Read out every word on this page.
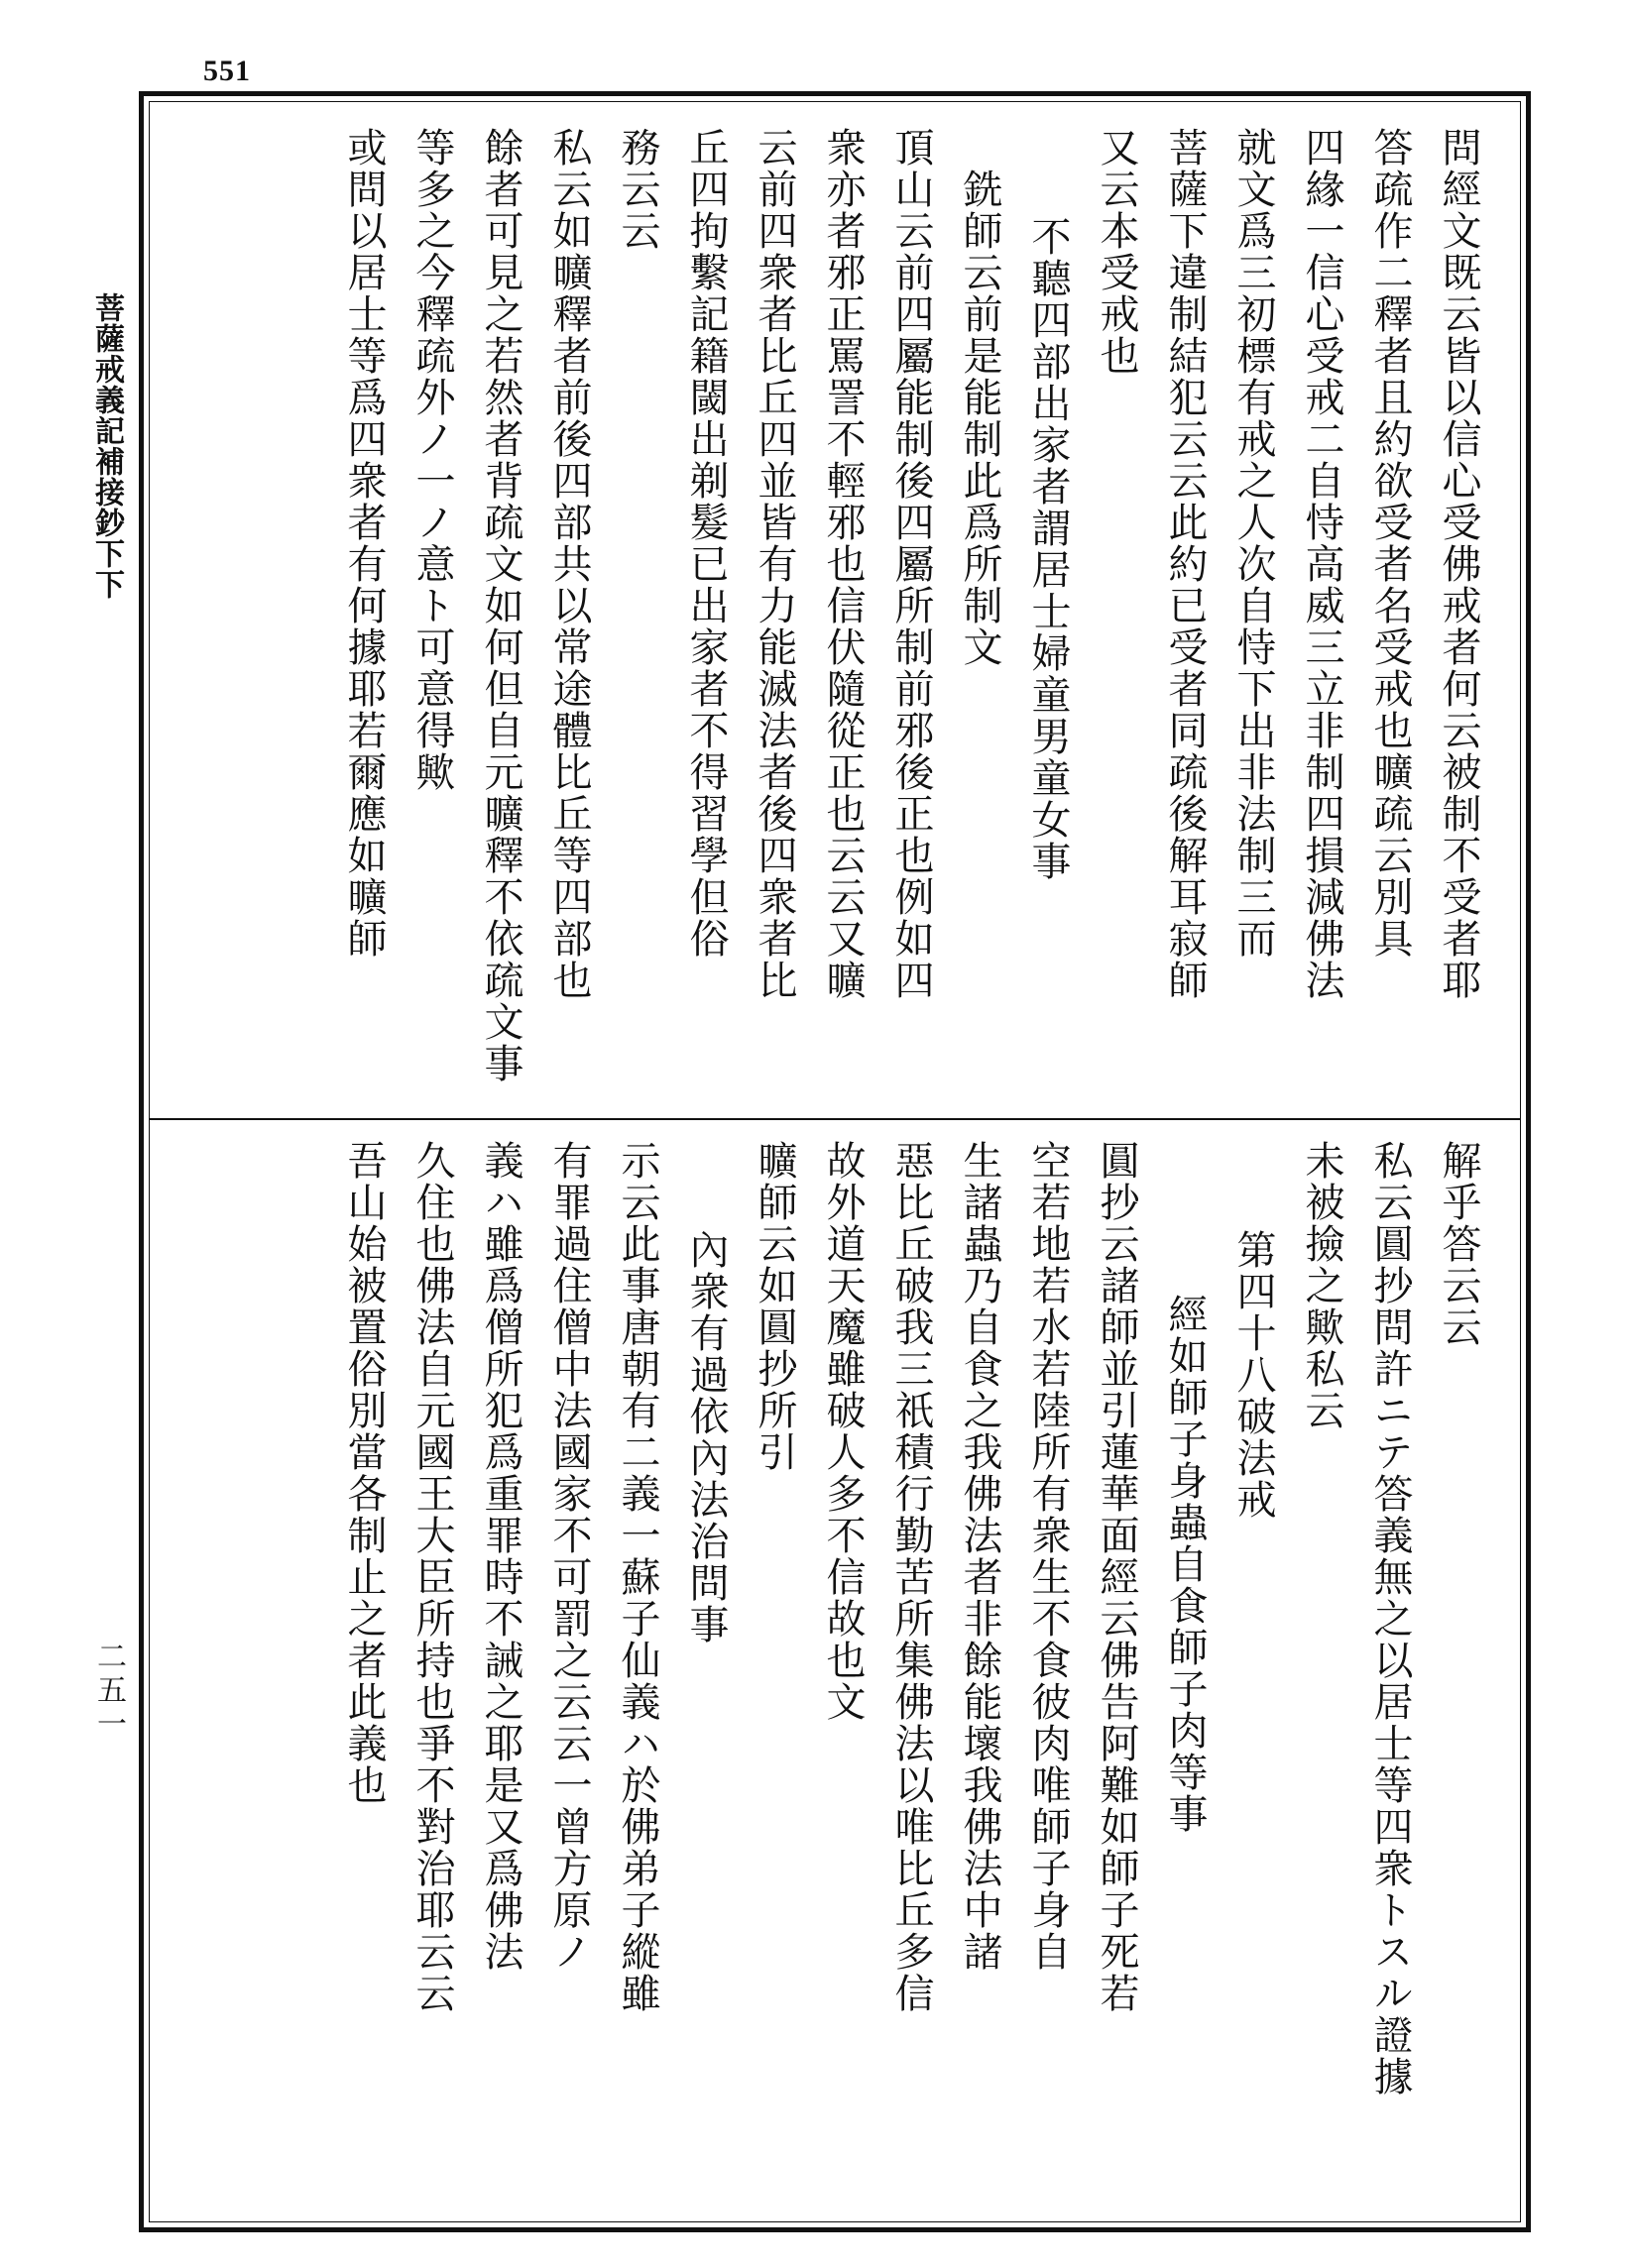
551
菩薩戒義記補接鈔下下
二五一
問經文既云皆以信心受佛戒者何云被制不受者耶
答疏作二釋者且約欲受者名受戒也曠疏云別具
四緣一信心受戒二自恃高威三立非制四損減佛法
就文爲三初標有戒之人次自恃下出非法制三而
菩薩下違制結犯云云此約已受者同疏後解耳寂師
又云本受戒也
不聽四部出家者謂居士婦童男童女事
銑師云前是能制此爲所制文
頂山云前四屬能制後四屬所制前邪後正也例如四
衆亦者邪正罵詈不輕邪也信伏隨從正也云云又曠
云前四衆者比丘四並皆有力能滅法者後四衆者比
丘四拘繫記籍閾出剃髮已出家者不得習學但俗
務云云
私云如曠釋者前後四部共以常途體比丘等四部也
餘者可見之若然者背疏文如何但自元曠釋不依疏文事
等多之今釋疏外ノ一ノ意ト可意得歟
或問以居士等爲四衆者有何據耶若爾應如曠師
解乎答云云
私云圓抄問許ニテ答義無之以居士等四衆トスル證據
未被撿之歟私云
第四十八破法戒
經如師子身蟲自食師子肉等事
圓抄云諸師並引蓮華面經云佛告阿難如師子死若
空若地若水若陸所有衆生不食彼肉唯師子身自
生諸蟲乃自食之我佛法者非餘能壞我佛法中諸
惡比丘破我三祇積行勤苦所集佛法以唯比丘多信
故外道天魔雖破人多不信故也文
曠師云如圓抄所引
內衆有過依內法治問事
示云此事唐朝有二義一蘇子仙義ハ於佛弟子縱雖
有罪過住僧中法國家不可罰之云云一曾方原ノ
義ハ雖爲僧所犯爲重罪時不誡之耶是又爲佛法
久住也佛法自元國王大臣所持也爭不對治耶云云
吾山始被置俗別當各制止之者此義也
